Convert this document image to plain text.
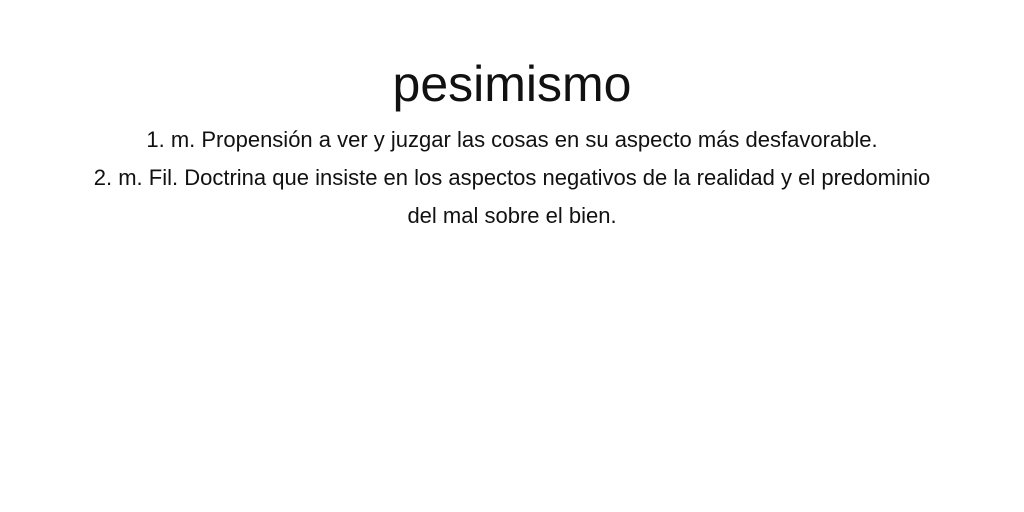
pesimismo
1. m. Propensión a ver y juzgar las cosas en su aspecto más desfavorable.
2. m. Fil. Doctrina que insiste en los aspectos negativos de la realidad y el predominio del mal sobre el bien.
